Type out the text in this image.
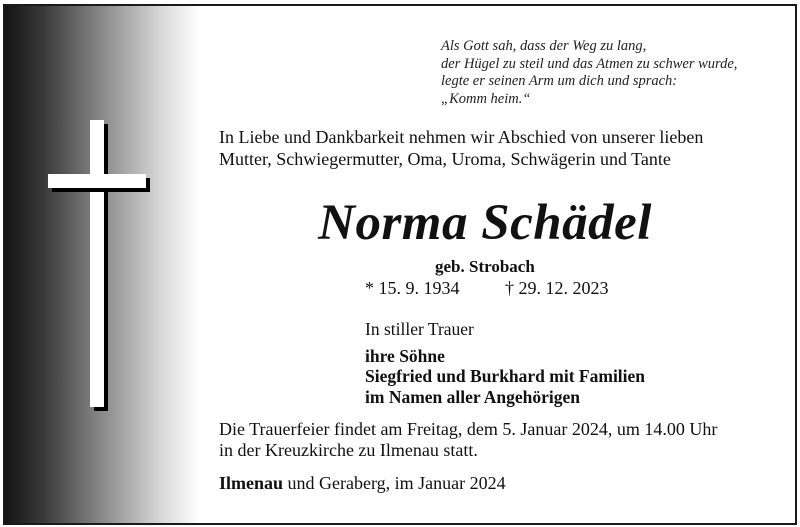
Als Gott sah, dass der Weg zu lang,
der Hügel zu steil und das Atmen zu schwer wurde,
legte er seinen Arm um dich und sprach:
„Komm heim.“
In Liebe und Dankbarkeit nehmen wir Abschied von unserer lieben
Mutter, Schwiegermutter, Oma, Uroma, Schwägerin und Tante
Norma Schädel
geb. Strobach
* 15. 9. 1934	† 29. 12. 2023
In stiller Trauer
ihre Söhne
Siegfried und Burkhard mit Familien
im Namen aller Angehörigen
Die Trauerfeier findet am Freitag, dem 5. Januar 2024, um 14.00 Uhr
in der Kreuzkirche zu Ilmenau statt.
Ilmenau und Geraberg, im Januar 2024
